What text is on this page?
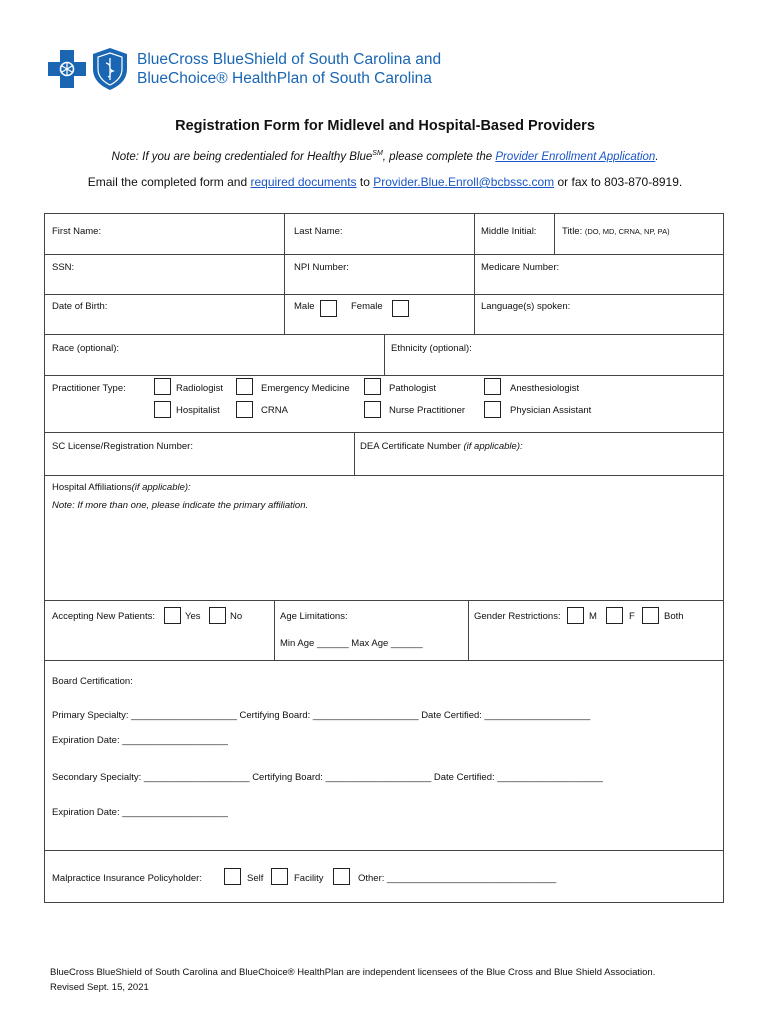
BlueCross BlueShield of South Carolina and
BlueChoice® HealthPlan of South Carolina
Registration Form for Midlevel and Hospital-Based Providers
Note: If you are being credentialed for Healthy Blue℠, please complete the Provider Enrollment Application.
Email the completed form and required documents to Provider.Blue.Enroll@bcbssc.com or fax to 803-870-8919.
First Name:	Last Name:	Middle Initial:	Title: (DO, MD, CRNA, NP, PA)
SSN:	NPI Number:	Medicare Number:
Date of Birth:	Male	Female	Language(s) spoken:
Race (optional):	Ethnicity (optional):
Practitioner Type:	Radiologist	Emergency Medicine	Pathologist	Anesthesiologist
Hospitalist	CRNA	Nurse Practitioner	Physician Assistant
SC License/Registration Number:	DEA Certificate Number (if applicable):
Hospital Affiliations(if applicable):
Note: If more than one, please indicate the primary affiliation.
Accepting New Patients:	Yes	No	Age Limitations:
Min Age ______ Max Age ______
Gender Restrictions:	M	F	Both
Board Certification:
Primary Specialty: ____________________ Certifying Board: ____________________ Date Certified: ____________________
Expiration Date: ____________________
Secondary Specialty: ____________________ Certifying Board: ____________________ Date Certified: ____________________
Expiration Date: ____________________
Malpractice Insurance Policyholder:	Self	Facility	Other: ________________________________
BlueCross BlueShield of South Carolina and BlueChoice® HealthPlan are independent licensees of the Blue Cross and Blue Shield Association.
Revised Sept. 15, 2021
